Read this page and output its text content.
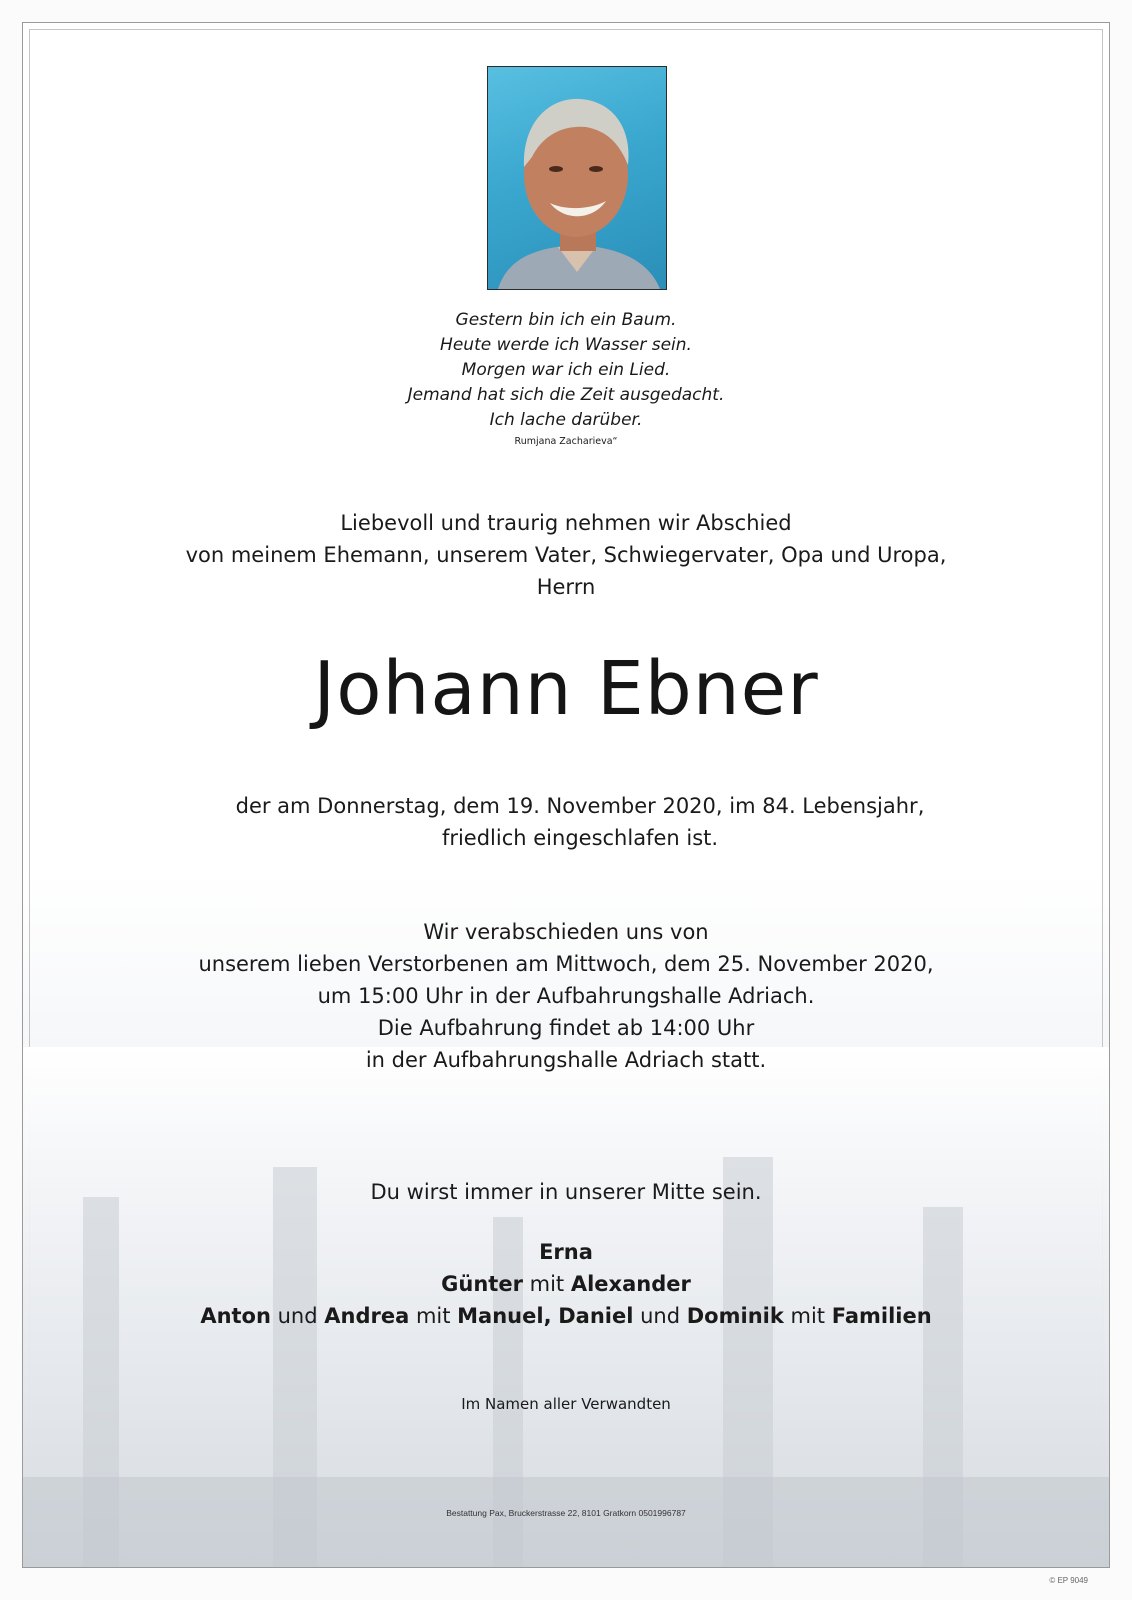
Gestern bin ich ein Baum.
Heute werde ich Wasser sein.
Morgen war ich ein Lied.
Jemand hat sich die Zeit ausgedacht.
Ich lache darüber.
Rumjana Zacharieva“
Liebevoll und traurig nehmen wir Abschied
von meinem Ehemann, unserem Vater, Schwiegervater, Opa und Uropa,
Herrn
Johann Ebner
der am Donnerstag, dem 19. November 2020, im 84. Lebensjahr,
friedlich eingeschlafen ist.
Wir verabschieden uns von
unserem lieben Verstorbenen am Mittwoch, dem 25. November 2020,
um 15:00 Uhr in der Aufbahrungshalle Adriach.
Die Aufbahrung findet ab 14:00 Uhr
in der Aufbahrungshalle Adriach statt.
Du wirst immer in unserer Mitte sein.
Erna
Günter mit Alexander
Anton und Andrea mit Manuel, Daniel und Dominik mit Familien
Im Namen aller Verwandten
Bestattung Pax, Bruckerstrasse 22, 8101 Gratkorn 0501996787
© EP 9049
